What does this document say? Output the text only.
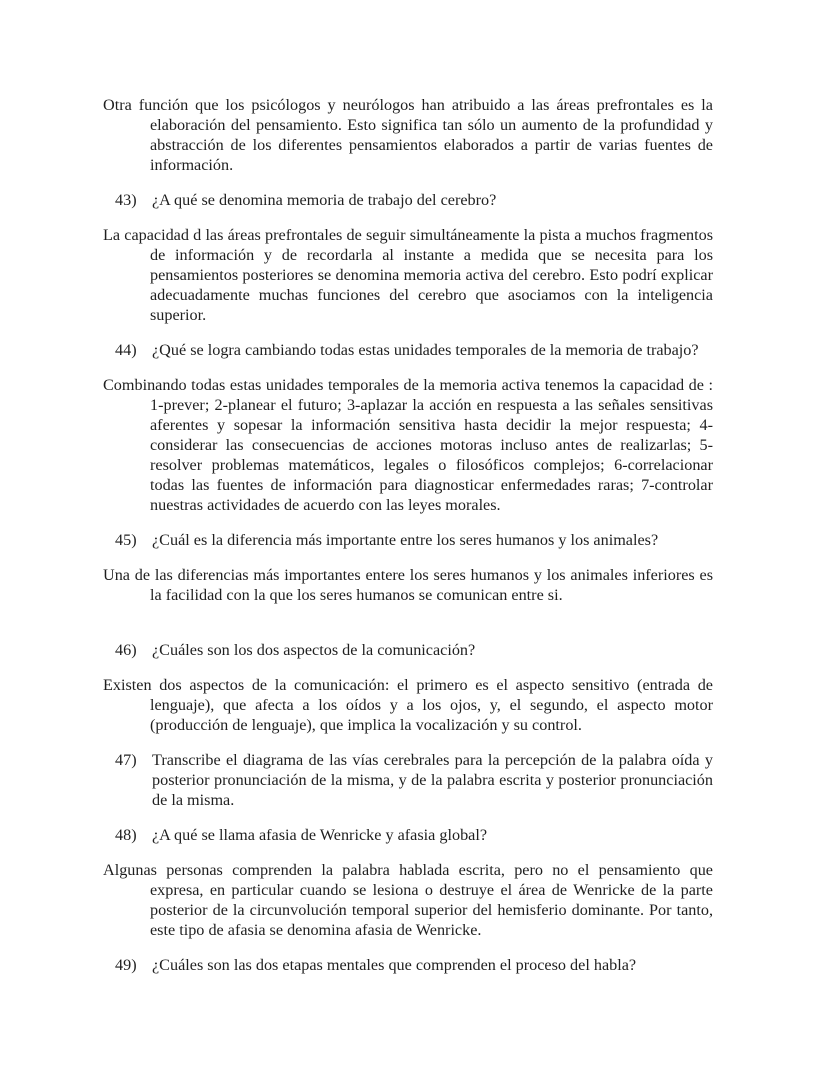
Otra función que los psicólogos y neurólogos han atribuido a las áreas prefrontales es la elaboración del pensamiento. Esto significa tan sólo un aumento de la profundidad y abstracción de los diferentes pensamientos elaborados a partir de varias fuentes de información.

43) ¿A qué se denomina memoria de trabajo del cerebro?

La capacidad d las áreas prefrontales de seguir simultáneamente la pista a muchos fragmentos de información y de recordarla al instante a medida que se necesita para los pensamientos posteriores se denomina memoria activa del cerebro. Esto podrí explicar adecuadamente muchas funciones del cerebro que asociamos con la inteligencia superior.

44) ¿Qué se logra cambiando todas estas unidades temporales de la memoria de trabajo?

Combinando todas estas unidades temporales de la memoria activa tenemos la capacidad de : 1-prever; 2-planear el futuro; 3-aplazar la acción en respuesta a las señales sensitivas aferentes y sopesar la información sensitiva hasta decidir la mejor respuesta; 4-considerar las consecuencias de acciones motoras incluso antes de realizarlas; 5-resolver problemas matemáticos, legales o filosóficos complejos; 6-correlacionar todas las fuentes de información para diagnosticar enfermedades raras; 7-controlar nuestras actividades de acuerdo con las leyes morales.

45) ¿Cuál es la diferencia más importante entre los seres humanos y los animales?

Una de las diferencias más importantes entere los seres humanos y los animales inferiores es la facilidad con la que los seres humanos se comunican entre si.

46) ¿Cuáles son los dos aspectos de la comunicación?

Existen dos aspectos de la comunicación: el primero es el aspecto sensitivo (entrada de lenguaje), que afecta a los oídos y a los ojos, y, el segundo, el aspecto motor (producción de lenguaje), que implica la vocalización y su control.

47) Transcribe el diagrama de las vías cerebrales para la percepción de la palabra oída y posterior pronunciación de la misma, y de la palabra escrita y posterior pronunciación de la misma.
48) ¿A qué se llama afasia de Wenricke y afasia global?

Algunas personas comprenden la palabra hablada escrita, pero no el pensamiento que expresa, en particular cuando se lesiona o destruye el área de Wenricke de la parte posterior de la circunvolución temporal superior del hemisferio dominante. Por tanto, este tipo de afasia se denomina afasia de Wenricke.

49) ¿Cuáles son las dos etapas mentales que comprenden el proceso del habla?
